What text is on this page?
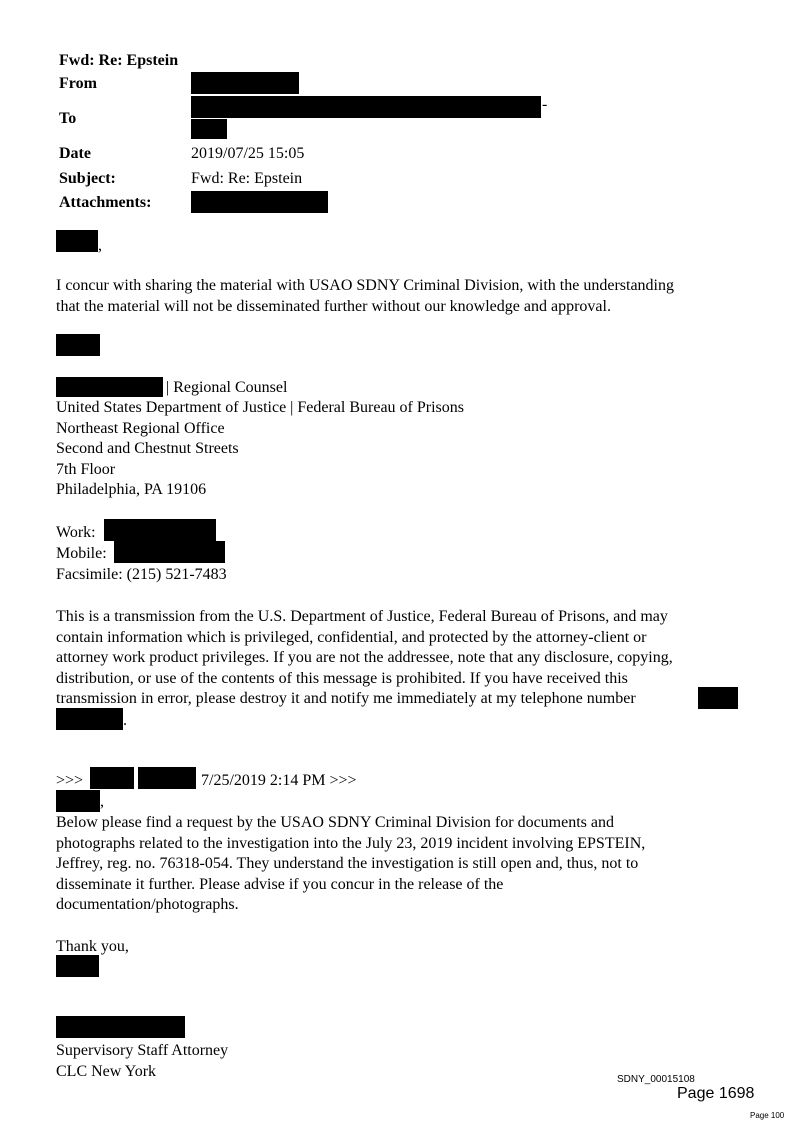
Fwd: Re: Epstein
From
To
-
Date	2019/07/25 15:05
Subject:	Fwd: Re: Epstein
Attachments:
,
I concur with sharing the material with USAO SDNY Criminal Division, with the understanding
that the material will not be disseminated further without our knowledge and approval.
| Regional Counsel
United States Department of Justice | Federal Bureau of Prisons
Northeast Regional Office
Second and Chestnut Streets
7th Floor
Philadelphia, PA 19106
Work:
Mobile:
Facsimile: (215) 521-7483
This is a transmission from the U.S. Department of Justice, Federal Bureau of Prisons, and may
contain information which is privileged, confidential, and protected by the attorney-client or
attorney work product privileges. If you are not the addressee, note that any disclosure, copying,
distribution, or use of the contents of this message is prohibited. If you have received this
transmission in error, please destroy it and notify me immediately at my telephone number
.
>>>	7/25/2019 2:14 PM >>>
,
Below please find a request by the USAO SDNY Criminal Division for documents and
photographs related to the investigation into the July 23, 2019 incident involving EPSTEIN,
Jeffrey, reg. no. 76318-054. They understand the investigation is still open and, thus, not to
disseminate it further. Please advise if you concur in the release of the
documentation/photographs.
Thank you,
Supervisory Staff Attorney
CLC New York	SDNY_00015108
Page 1698
Page 100
